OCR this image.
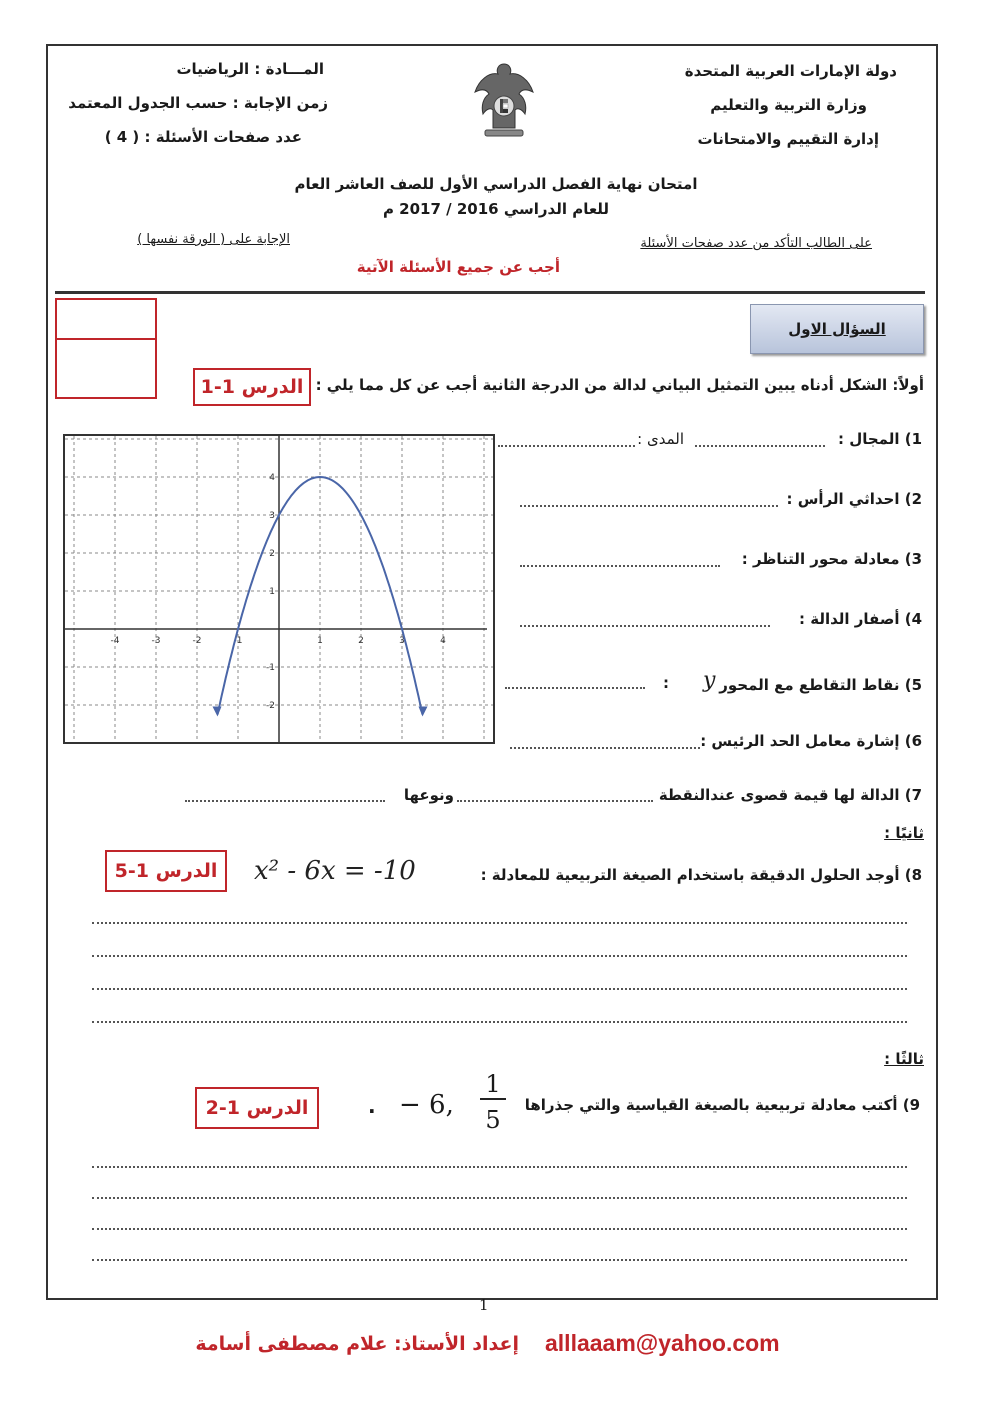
دولة الإمارات العربية المتحدة
وزارة التربية والتعليم
إدارة التقييم والامتحانات
المـــادة : الرياضيات
زمن الإجابة : حسب الجدول المعتمد
عدد صفحات الأسئلة : ( 4 )
امتحان نهاية الفصل الدراسي الأول للصف العاشر العام
للعام الدراسي 2016 / 2017 م
على الطالب التأكد من عدد صفحات الأسئلة
الإجابة على ( الورقة نفسها )
أجب عن جميع الأسئلة الآتية
السؤال الاول
أولاً: الشكل أدناه يبين التمثيل البياني لدالة من الدرجة الثانية أجب عن كل مما يلي :
الدرس 1-1
-4	-3	-2	-1	1	2	3	4
4
3
2
1
-1
-2
1) المجال :
المدى :
2) احداثي الرأس :
3) معادلة محور التناظر :
4) أصفار الدالة :
5) نقاط التقاطع مع المحور
y
:
6) إشارة معامل الحد الرئيس :
7) الدالة لها قيمة قصوى عندالنقطة
ونوعها
ثانيًا :
8) أوجد الحلول الدقيقة باستخدام الصيغة التربيعية للمعادلة :
x² - 6x = -10
الدرس 1-5
ثالثًا :
9) أكتب معادلة تربيعية بالصيغة القياسية والتي جذراها
− 6,
1
5
.
الدرس 1-2
1
إعداد الأستاذ: علام مصطفى أسامة alllaaam@yahoo.com
